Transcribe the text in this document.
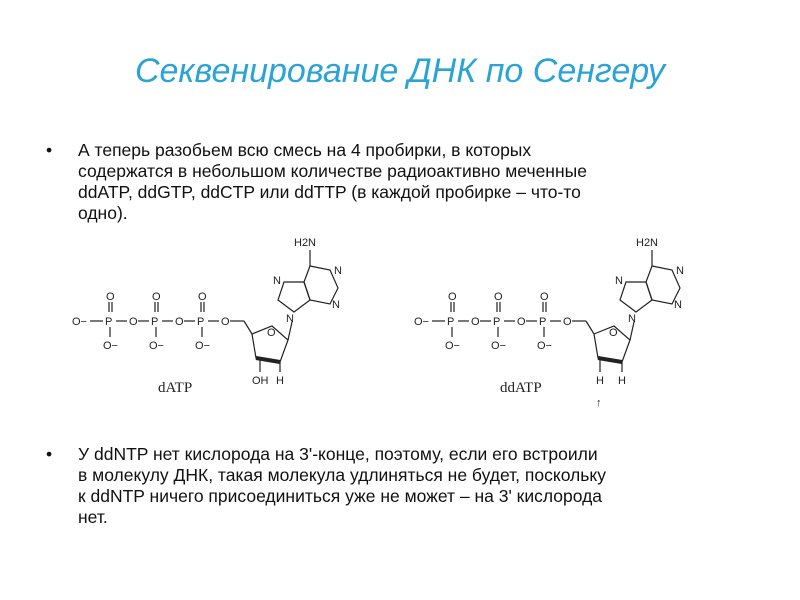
Секвенирование ДНК по Сенгеру
•	А теперь разобьем всю смесь на 4 пробирки, в которых
содержатся в небольшом количестве радиоактивно меченные
ddATP, ddGTP, ddCTP или ddTTP (в каждой пробирке – что-то
одно).
O− P
O
O−
O P
O
O−
O P
O
O−
O
O
OH H
N
N
N
N
H2N
dATP
O− P
O
O−
O P
O
O−
O P
O
O−
O
O
H H
↑
N
N
N
N
H2N
ddATP
•	У ddNTP нет кислорода на 3'-конце, поэтому, если его встроили
в молекулу ДНК, такая молекула удлиняться не будет, поскольку
к ddNTP ничего присоединиться уже не может – на 3' кислорода
нет.
